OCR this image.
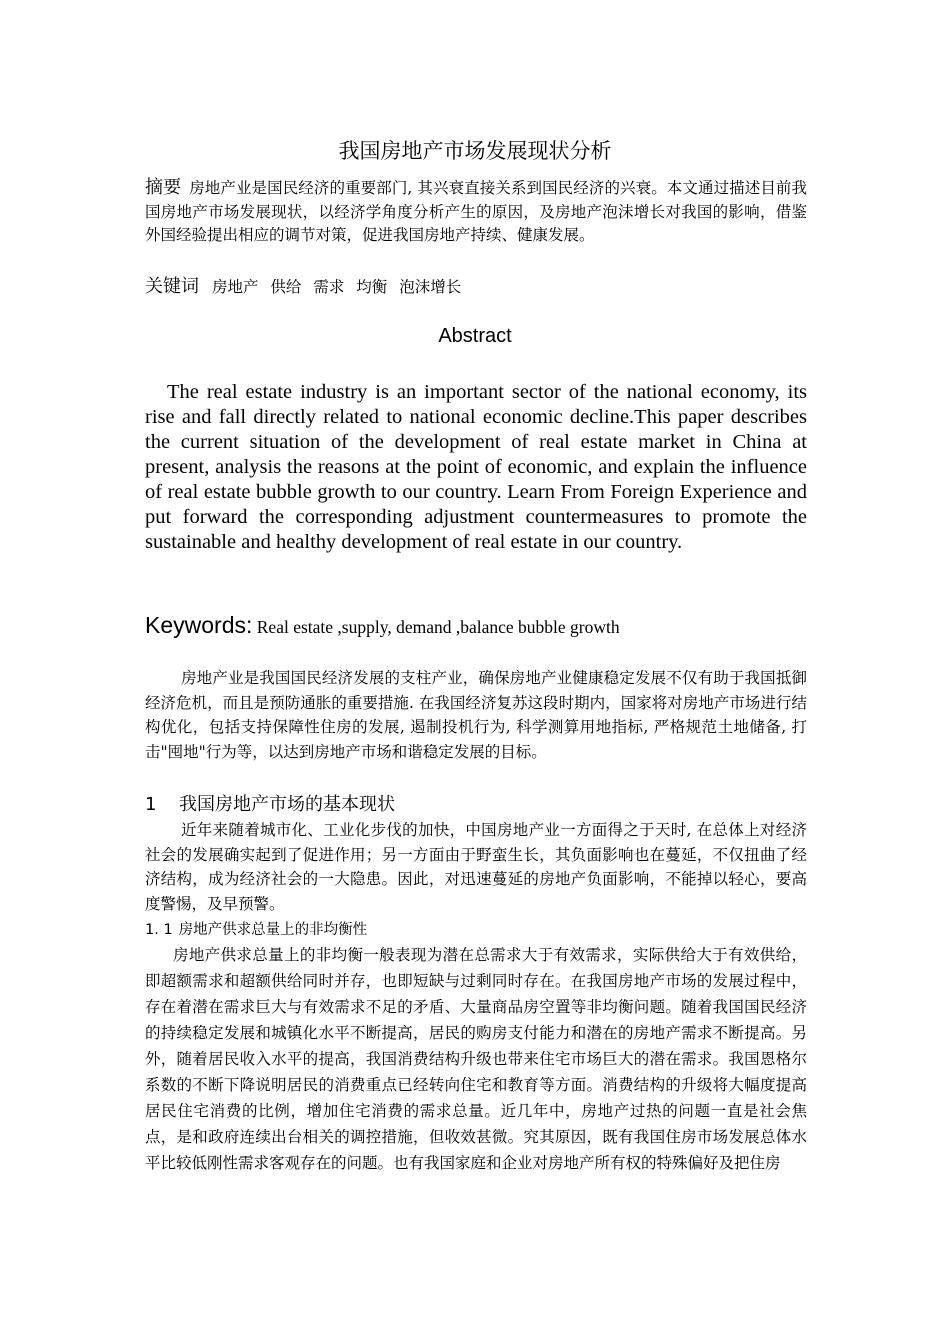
我国房地产市场发展现状分析
摘要 房地产业是国民经济的重要部门, 其兴衰直接关系到国民经济的兴衰。本文通过描述目前我国房地产市场发展现状，以经济学角度分析产生的原因，及房地产泡沫增长对我国的影响，借鉴外国经验提出相应的调节对策，促进我国房地产持续、健康发展。
关键词 房地产 供给 需求 均衡 泡沫增长
Abstract

The real estate industry is an important sector of the national economy, its rise and fall directly related to national economic decline.This paper describes the current situation of the development of real estate market in China at present, analysis the reasons at the point of economic, and explain the influence of real estate bubble growth to our country. Learn From Foreign Experience and put forward the corresponding adjustment countermeasures to promote the sustainable and healthy development of real estate in our country.

Keywords: Real estate ,supply, demand ,balance bubble growth

房地产业是我国国民经济发展的支柱产业，确保房地产业健康稳定发展不仅有助于我国抵御经济危机，而且是预防通胀的重要措施. 在我国经济复苏这段时期内，国家将对房地产市场进行结构优化，包括支持保障性住房的发展, 遏制投机行为, 科学测算用地指标, 严格规范土地储备, 打击"囤地"行为等，以达到房地产市场和谐稳定发展的目标。

1 我国房地产市场的基本现状

近年来随着城市化、工业化步伐的加快，中国房地产业一方面得之于天时, 在总体上对经济社会的发展确实起到了促进作用；另一方面由于野蛮生长，其负面影响也在蔓延，不仅扭曲了经济结构，成为经济社会的一大隐患。因此，对迅速蔓延的房地产负面影响，不能掉以轻心，要高度警惕，及早预警。

1. 1 房地产供求总量上的非均衡性

房地产供求总量上的非均衡一般表现为潜在总需求大于有效需求，实际供给大于有效供给，即超额需求和超额供给同时并存，也即短缺与过剩同时存在。在我国房地产市场的发展过程中，存在着潜在需求巨大与有效需求不足的矛盾、大量商品房空置等非均衡问题。随着我国国民经济的持续稳定发展和城镇化水平不断提高，居民的购房支付能力和潜在的房地产需求不断提高。另外，随着居民收入水平的提高，我国消费结构升级也带来住宅市场巨大的潜在需求。我国恩格尔系数的不断下降说明居民的消费重点已经转向住宅和教育等方面。消费结构的升级将大幅度提高居民住宅消费的比例，增加住宅消费的需求总量。近几年中，房地产过热的问题一直是社会焦点，是和政府连续出台相关的调控措施，但收效甚微。究其原因，既有我国住房市场发展总体水平比较低刚性需求客观存在的问题。也有我国家庭和企业对房地产所有权的特殊偏好及把住房
